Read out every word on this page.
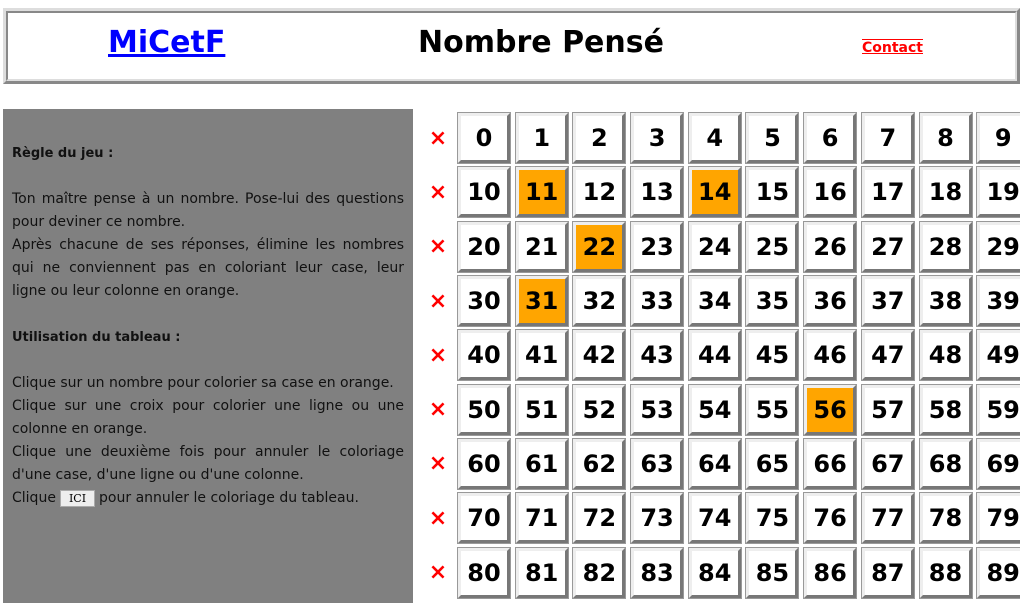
MiCetF	Nombre Pensé	Contact
Règle du jeu :
Ton maître pense à un nombre. Pose-lui des questions pour deviner ce nombre.

Après chacune de ses réponses, élimine les nombres qui ne conviennent pas en coloriant leur case, leur ligne ou leur colonne en orange.

Utilisation du tableau :
Clique sur un nombre pour colorier sa case en orange.
Clique sur une croix pour colorier une ligne ou une colonne en orange.
Clique une deuxième fois pour annuler le coloriage d'une case, d'une ligne ou d'une colonne.
Clique ICI pour annuler le coloriage du tableau.
×	0	1	2	3	4	5	6	7	8	9
× 10	11	12	13	14	15	16	17	18	19
× 20	21	22	23	24	25	26	27	28	29
× 30	31	32	33	34	35	36	37	38	39
× 40	41	42	43	44	45	46	47	48	49
× 50	51	52	53	54	55	56	57	58	59
× 60	61	62	63	64	65	66	67	68	69
× 70	71	72	73	74	75	76	77	78	79
× 80	81	82	83	84	85	86	87	88	89
